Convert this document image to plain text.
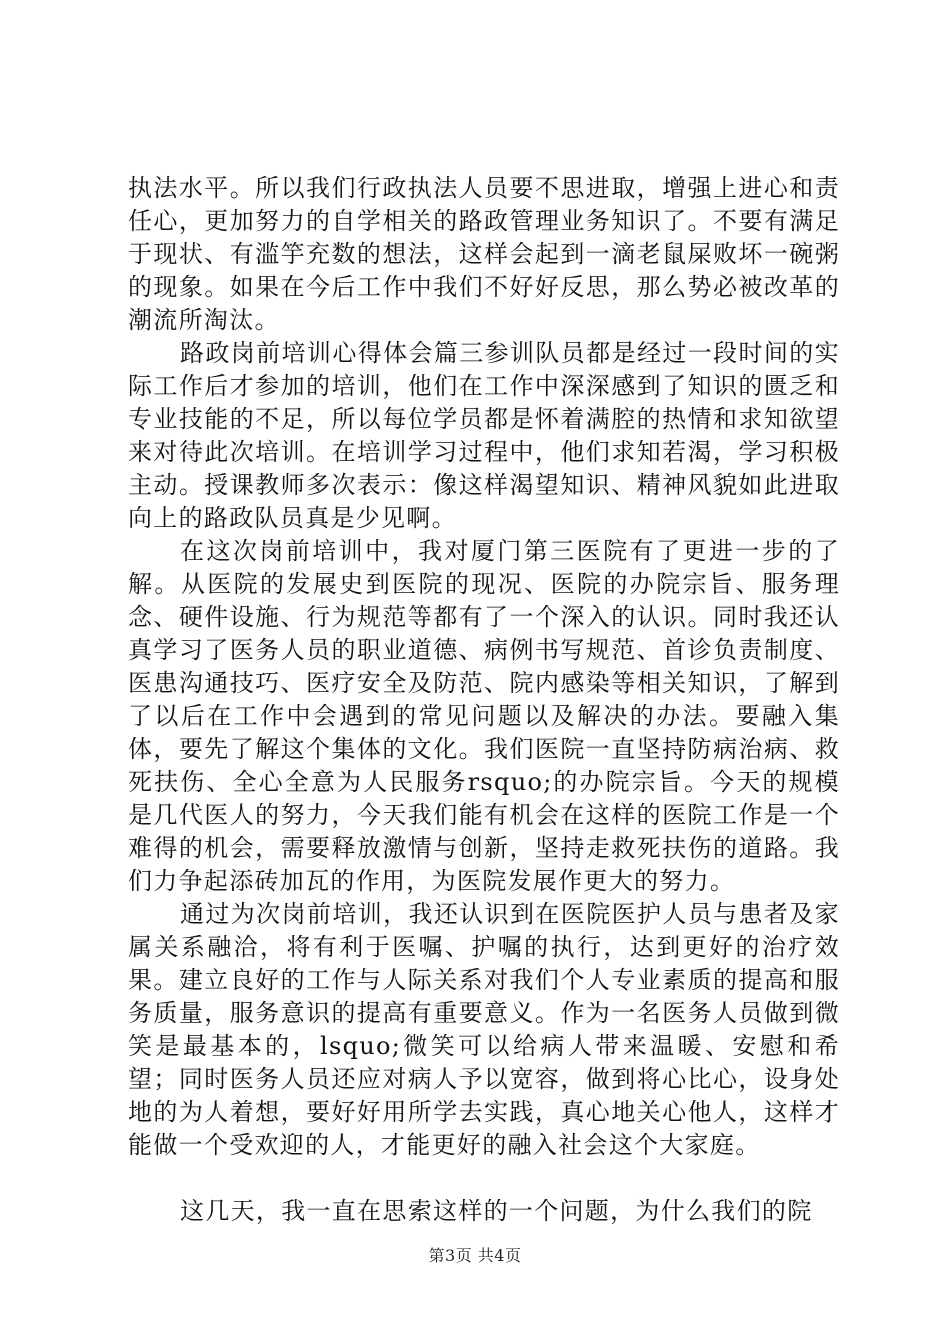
执法水平。所以我们行政执法人员要不思进取，增强上进心和责任心，更加努力的自学相关的路政管理业务知识了。不要有满足于现状、有滥竽充数的想法，这样会起到一滴老鼠屎败坏一碗粥的现象。如果在今后工作中我们不好好反思，那么势必被改革的潮流所淘汰。

路政岗前培训心得体会篇三参训队员都是经过一段时间的实际工作后才参加的培训，他们在工作中深深感到了知识的匮乏和专业技能的不足，所以每位学员都是怀着满腔的热情和求知欲望来对待此次培训。在培训学习过程中，他们求知若渴，学习积极主动。授课教师多次表示：像这样渴望知识、精神风貌如此进取向上的路政队员真是少见啊。

在这次岗前培训中，我对厦门第三医院有了更进一步的了解。从医院的发展史到医院的现况、医院的办院宗旨、服务理念、硬件设施、行为规范等都有了一个深入的认识。同时我还认真学习了医务人员的职业道德、病例书写规范、首诊负责制度、医患沟通技巧、医疗安全及防范、院内感染等相关知识，了解到了以后在工作中会遇到的常见问题以及解决的办法。要融入集体，要先了解这个集体的文化。我们医院一直坚持防病治病、救死扶伤、全心全意为人民服务rsquo;的办院宗旨。今天的规模是几代医人的努力，今天我们能有机会在这样的医院工作是一个难得的机会，需要释放激情与创新，坚持走救死扶伤的道路。我们力争起添砖加瓦的作用，为医院发展作更大的努力。

通过为次岗前培训，我还认识到在医院医护人员与患者及家属关系融洽，将有利于医嘱、护嘱的执行，达到更好的治疗效果。建立良好的工作与人际关系对我们个人专业素质的提高和服务质量，服务意识的提高有重要意义。作为一名医务人员做到微笑是最基本的，lsquo;微笑可以给病人带来温暖、安慰和希望；同时医务人员还应对病人予以宽容，做到将心比心，设身处地的为人着想，要好好用所学去实践，真心地关心他人，这样才能做一个受欢迎的人，才能更好的融入社会这个大家庭。

这几天，我一直在思索这样的一个问题，为什么我们的院

第3页 共4页
